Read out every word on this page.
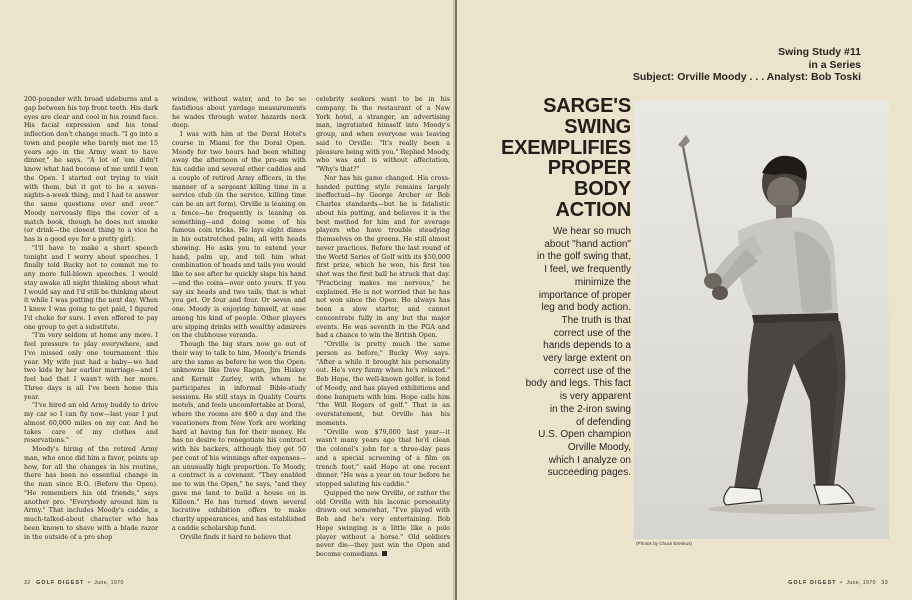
200-pounder with broad sideburns and a gap between his top front teeth. His dark eyes are clear and cool in his round face. His facial expression and his tonal inflection don't change much. "I go into a town and people who barely met me 15 years ago in the Army want to have dinner," he says. "A lot of 'em didn't know what had become of me until I won the Open. I started out trying to visit with them, but it got to be a seven-nights-a-week thing, and I had to answer the same questions over and over." Moody nervously flips the cover of a match book, though he does not smoke (or drink—the closest thing to a vice he has is a good eye for a pretty girl).

"I'll have to make a short speech tonight and I worry about speeches. I finally told Bucky not to commit me to any more full-blown speeches. I would stay awake all night thinking about what I would say and I'd still be thinking about it while I was putting the next day. When I knew I was going to get paid, I figured I'd choke for sure. I even offered to pay one group to get a substitute.

"I'm very seldom at home any more. I feel pressure to play everywhere, and I've missed only one tournament this year. My wife just had a baby—we had two kids by her earlier marriage—and I feel bad that I wasn't with her more. Three days is all I've been home this year.

"I've hired an old Army buddy to drive my car so I can fly now—last year I put almost 60,000 miles on my car. And he takes care of my clothes and reservations."

Moody's hiring of the retired Army man, who once did him a favor, points up how, for all the changes in his routine, there has been no essential change in the man since B.O. (Before the Open). "He remembers his old friends," says another pro. "Everybody around him is Army." That includes Moody's caddie, a much-talked-about character who has been known to shave with a blade razor in the outside of a pro shop

window, without water, and to be so fastidious about yardage measurements he wades through water hazards neck deep.

I was with him at the Doral Hotel's course in Miami for the Doral Open. Moody for two hours had been whiling away the afternoon of the pro-am with his caddie and several other caddies and a couple of retired Army officers, in the manner of a sergeant killing time in a service club (in the service, killing time can be an art form). Orville is leaning on a fence—he frequently is leaning on something—and doing some of his famous coin tricks. He lays eight dimes in his outstretched palm, all with heads showing. He asks you to extend your hand, palm up, and tell him what combination of heads and tails you would like to see after he quickly slaps his hand—and the coins—over onto yours. If you say six heads and two tails, that is what you get. Or four and four. Or seven and one. Moody is enjoying himself, at ease among his kind of people. Other players are sipping drinks with wealthy admirers on the clubhouse veranda.

Though the big stars now go out of their way to talk to him, Moody's friends are the same as before he won the Open: unknowns like Dave Ragan, Jim Hiskey and Kermit Zarley, with whom he participates in informal Bible-study sessions. He still stays in Quality Courts motels, and feels uncomfortable at Doral, where the rooms are $60 a day and the vacationers from New York are working hard at having fun for their money. He has no desire to renegotiate his contract with his backers, although they get 50 per cent of his winnings after expenses—an unusually high proportion. To Moody, a contract is a covenant. "They enabled me to win the Open," he says, "and they gave me land to build a house on in Killeen." He has turned down several lucrative exhibition offers to make charity appearances, and has established a caddie scholarship fund.

Orville finds it hard to believe that

celebrity seekers want to be in his company. In the restaurant of a New York hotel, a stranger, an advertising man, ingratiated himself into Moody's group, and when everyone was leaving said to Orville: "It's really been a pleasure being with you." Replied Moody, who was and is without affectation, "Why's that?"

Nor has his game changed. His cross-handed putting style remains largely ineffectual—by George Archer or Bob Charles standards—but he is fatalistic about his putting, and believes it is the best method for him and for average players who have trouble steadying themselves on the greens. He still almost never practices. Before the last round of the World Series of Golf with its $50,000 first prize, which he won, his first tee shot was the first ball he struck that day. "Practicing makes me nervous," he explained. He is not worried that he has not won since the Open. He always has been a slow starter, and cannot concentrate fully in any but the major events. He was seventh in the PGA and had a chance to win the British Open.

"Orville is pretty much the same person as before," Bucky Woy says. "After a while it brought his personality out. He's very funny when he's relaxed." Bob Hope, the well-known golfer, is fond of Moody, and has played exhibitions and done banquets with him. Hope calls him "the Will Rogers of golf." That is an overstatement, but Orville has his moments.

"Orville won $79,000 last year—it wasn't many years ago that he'd clean the colonel's john for a three-day pass and a special screening of a film on trench foot," said Hope at one recent dinner. "He was a year on tour before he stopped saluting his caddie."

Quipped the new Orville, or rather the old Orville with his laconic personality drawn out somewhat, "I've played with Bob and he's very entertaining. Bob Hope swinging is a little like a polo player without a horse." Old soldiers never die—they just win the Open and become comedians.

32 GOLF DIGEST  •  June, 1970
Swing Study #11
in a Series
Subject: Orville Moody . . . Analyst: Bob Toski
SARGE'S
SWING
EXEMPLIFIES
PROPER
BODY
ACTION
We hear so much
about "hand action"
in the golf swing that,
I feel, we frequently
minimize the
importance of proper
leg and body action.
The truth is that
correct use of the
hands depends to a
very large extent on
correct use of the
body and legs. This fact
is very apparent
in the 2-iron swing
of defending
U.S. Open champion
Orville Moody,
which I analyze on
succeeding pages.
(Photos by Chuck Brenkus)
GOLF DIGEST  •  June, 1970 33
